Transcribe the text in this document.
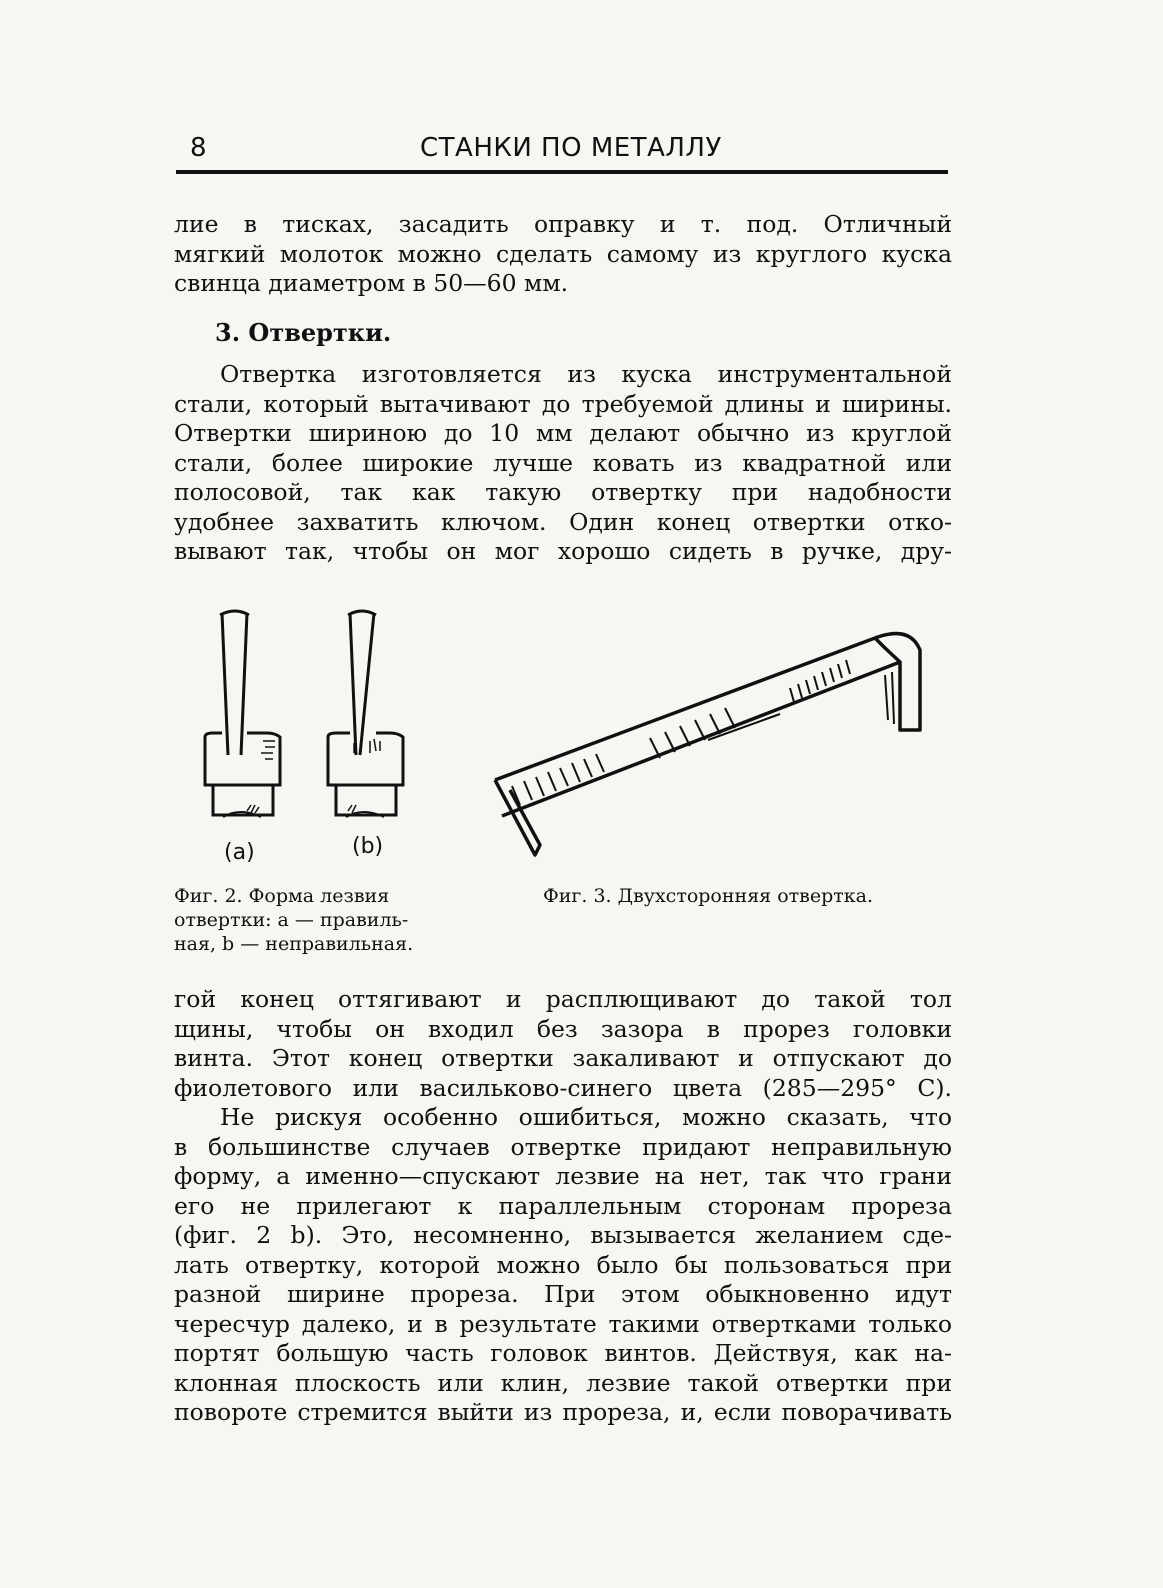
8	СТАНКИ ПО МЕТАЛЛУ
лие в тисках, засадить оправку и т. под. Отличный
мягкий молоток можно сделать самому из круглого куска
свинца диаметром в 50—60 мм.
3. Отвертки.
Отвертка изготовляется из куска инструментальной
стали, который вытачивают до требуемой длины и ширины.
Отвертки шириною до 10 мм делают обычно из круглой
стали, более широкие лучше ковать из квадратной или
полосовой, так как такую отвертку при надобности
удобнее захватить ключом. Один конец отвертки отко-
вывают так, чтобы он мог хорошо сидеть в ручке, дру-
(a)	(b)
Фиг. 2. Форма лезвия
отвертки: a — правиль-
ная, b — неправильная.
Фиг. 3. Двухсторонняя отвертка.
гой конец оттягивают и расплющивают до такой тол
щины, чтобы он входил без зазора в прорез головки
винта. Этот конец отвертки закаливают и отпускают до
фиолетового или васильково-синего цвета (285—295° C).
Не рискуя особенно ошибиться, можно сказать, что
в большинстве случаев отвертке придают неправильную
форму, а именно—спускают лезвие на нет, так что грани
его не прилегают к параллельным сторонам прореза
(фиг. 2 b). Это, несомненно, вызывается желанием сде-
лать отвертку, которой можно было бы пользоваться при
разной ширине прореза. При этом обыкновенно идут
чересчур далеко, и в результате такими отвертками только
портят большую часть головок винтов. Действуя, как на-
клонная плоскость или клин, лезвие такой отвертки при
повороте стремится выйти из прореза, и, если поворачивать
